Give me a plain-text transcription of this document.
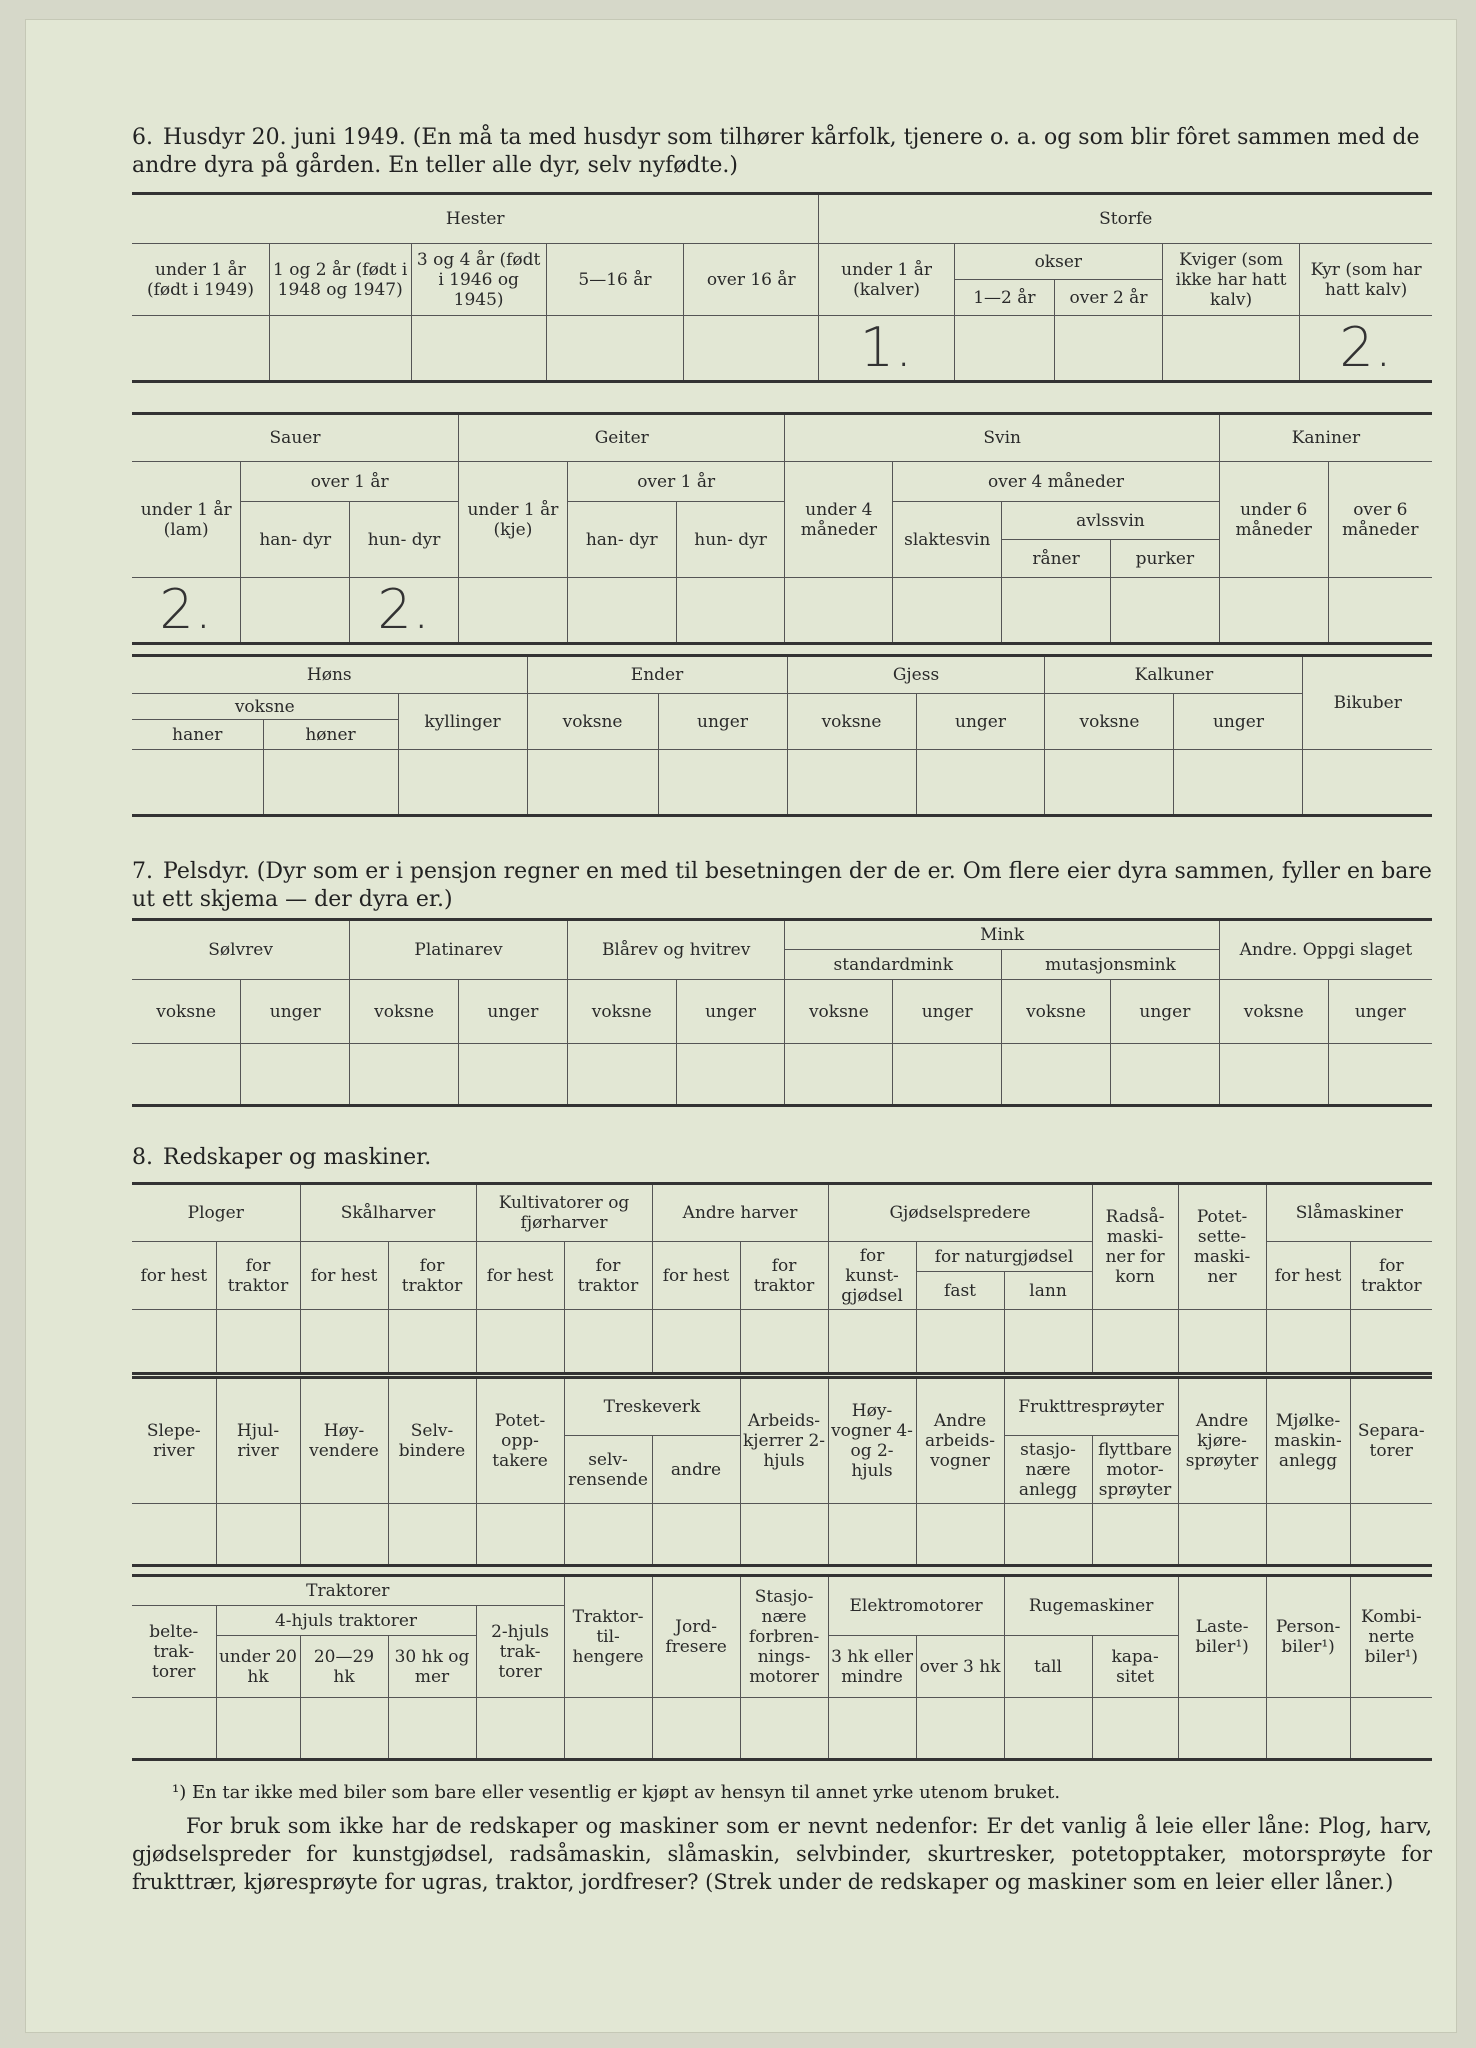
6. Husdyr 20. juni 1949. (En må ta med husdyr som tilhører kårfolk, tjenere o. a. og som blir fôret sammen med de andre dyra på gården. En teller alle dyr, selv nyfødte.)
Hester					Storfe				
under 1 år (født i 1949)	1 og 2 år (født i 1948 og 1947)	3 og 4 år (født i 1946 og 1945)	5—16 år	over 16 år	under 1 år (kalver)	okser		Kviger (som ikke har hatt kalv)	Kyr (som har hatt kalv)
						1—2 år	over 2 år		
					1.				2.
Sauer			Geiter			Svin				Kaniner	
under 1 år (lam)	over 1 år		under 1 år (kje)	over 1 år		under 4 måneder	over 4 måneder			under 6 måneder	over 6 måneder
	han- dyr	hun- dyr		han- dyr	hun- dyr		slaktesvin	avlssvin			
								råner	purker		
2.		2.									
Høns			Ender		Gjess		Kalkuner		Bikuber
voksne		kyllinger	voksne	unger	voksne	unger	voksne	unger	
haner	høner								

7. Pelsdyr. (Dyr som er i pensjon regner en med til besetningen der de er. Om flere eier dyra sammen, fyller en bare ut ett skjema — der dyra er.)
Sølvrev		Platinarev		Blårev og hvitrev		Mink				Andre. Oppgi slaget	
						standardmink		mutasjonsmink			
voksne	unger	voksne	unger	voksne	unger	voksne	unger	voksne	unger	voksne	unger

8. Redskaper og maskiner.
Ploger		Skålharver		Kultivatorer og fjørharver		Andre harver		Gjødselspredere			Radså- maski- ner for korn	Potet- sette- maski- ner	Slåmaskiner	
for hest	for traktor	for hest	for traktor	for hest	for traktor	for hest	for traktor	for kunst- gjødsel	for naturgjødsel				for hest	for traktor
									fast	lann				

Slepe- river	Hjul- river	Høy- vendere	Selv- bindere	Potet- opp- takere	Treskeverk		Arbeids- kjerrer 2-hjuls	Høy- vogner 4- og 2- hjuls	Andre arbeids- vogner	Frukttresprøyter		Andre kjøre- sprøyter	Mjølke- maskin- anlegg	Separa- torer
					selv- rensende	andre				stasjo- nære anlegg	flyttbare motor- sprøyter			

Traktorer					Traktor- til- hengere	Jord- fresere	Stasjo- nære forbren- nings- motorer	Elektromotorer		Rugemaskiner		Laste- biler¹)	Person- biler¹)	Kombi- nerte biler¹)
belte- trak- torer	4-hjuls traktorer			2-hjuls trak- torer										
	under 20 hk	20—29 hk	30 hk og mer					3 hk eller mindre	over 3 hk	tall	kapa- sitet			

¹) En tar ikke med biler som bare eller vesentlig er kjøpt av hensyn til annet yrke utenom bruket.
For bruk som ikke har de redskaper og maskiner som er nevnt nedenfor: Er det vanlig å leie eller låne: Plog, harv, gjødselspreder for kunstgjødsel, radsåmaskin, slåmaskin, selvbinder, skurtresker, potetopptaker, motorsprøyte for frukttrær, kjøresprøyte for ugras, traktor, jordfreser? (Strek under de redskaper og maskiner som en leier eller låner.)
